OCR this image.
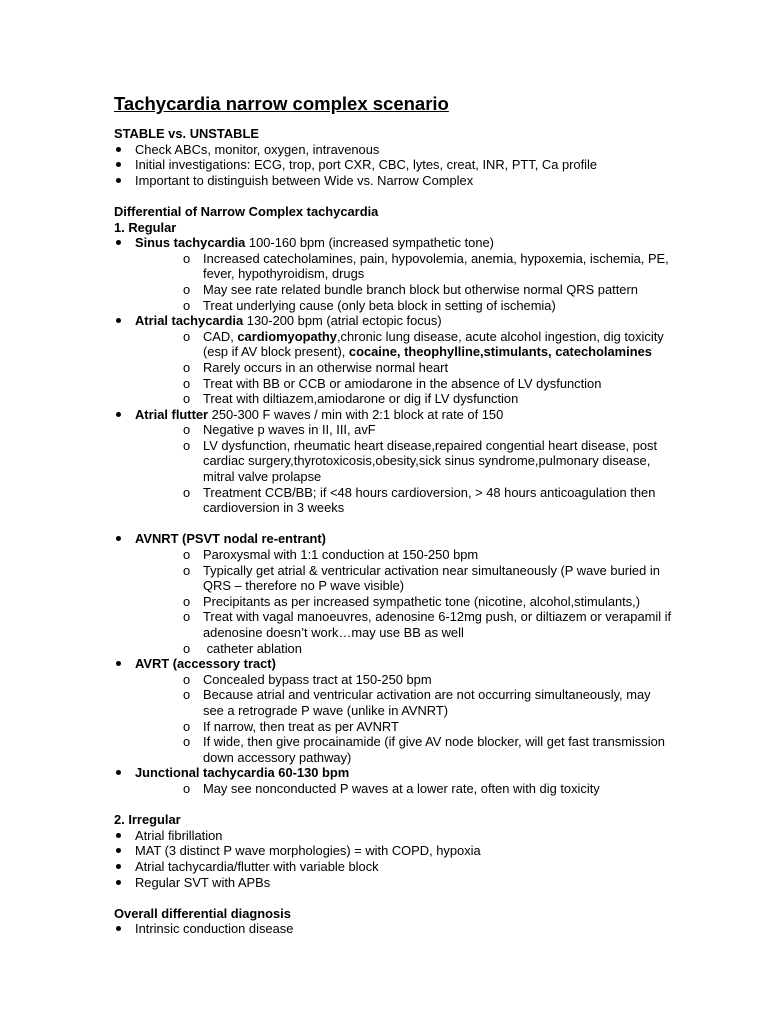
Tachycardia narrow complex scenario
STABLE vs. UNSTABLE
Check ABCs, monitor, oxygen, intravenous
Initial investigations: ECG, trop, port CXR, CBC, lytes, creat, INR, PTT, Ca profile
Important to distinguish between Wide vs. Narrow Complex
Differential of Narrow Complex tachycardia
1. Regular
Sinus tachycardia 100-160 bpm (increased sympathetic tone)
o Increased catecholamines, pain, hypovolemia, anemia, hypoxemia, ischemia, PE, fever, hypothyroidism, drugs
o May see rate related bundle branch block but otherwise normal QRS pattern
o Treat underlying cause (only beta block in setting of ischemia)
Atrial tachycardia 130-200 bpm (atrial ectopic focus)
o CAD, cardiomyopathy,chronic lung disease, acute alcohol ingestion, dig toxicity (esp if AV block present), cocaine, theophylline,stimulants, catecholamines
o Rarely occurs in an otherwise normal heart
o Treat with BB or CCB or amiodarone in the absence of LV dysfunction
o Treat with diltiazem,amiodarone or dig if LV dysfunction
Atrial flutter 250-300 F waves / min with 2:1 block at rate of 150
o Negative p waves in II, III, avF
o LV dysfunction, rheumatic heart disease,repaired congential heart disease, post cardiac surgery,thyrotoxicosis,obesity,sick sinus syndrome,pulmonary disease, mitral valve prolapse
o Treatment CCB/BB; if <48 hours cardioversion, > 48 hours anticoagulation then cardioversion in 3 weeks
AVNRT (PSVT nodal re-entrant)
o Paroxysmal with 1:1 conduction at 150-250 bpm
o Typically get atrial & ventricular activation near simultaneously (P wave buried in QRS – therefore no P wave visible)
o Precipitants as per increased sympathetic tone (nicotine, alcohol,stimulants,)
o Treat with vagal manoeuvres, adenosine 6-12mg push, or diltiazem or verapamil if adenosine doesn’t work…may use BB as well
o catheter ablation
AVRT (accessory tract)
o Concealed bypass tract at 150-250 bpm
o Because atrial and ventricular activation are not occurring simultaneously, may see a retrograde P wave (unlike in AVNRT)
o If narrow, then treat as per AVNRT
o If wide, then give procainamide (if give AV node blocker, will get fast transmission down accessory pathway)
Junctional tachycardia 60-130 bpm
o May see nonconducted P waves at a lower rate, often with dig toxicity
2. Irregular
Atrial fibrillation
MAT (3 distinct P wave morphologies) = with COPD, hypoxia
Atrial tachycardia/flutter with variable block
Regular SVT with APBs
Overall differential diagnosis
Intrinsic conduction disease
